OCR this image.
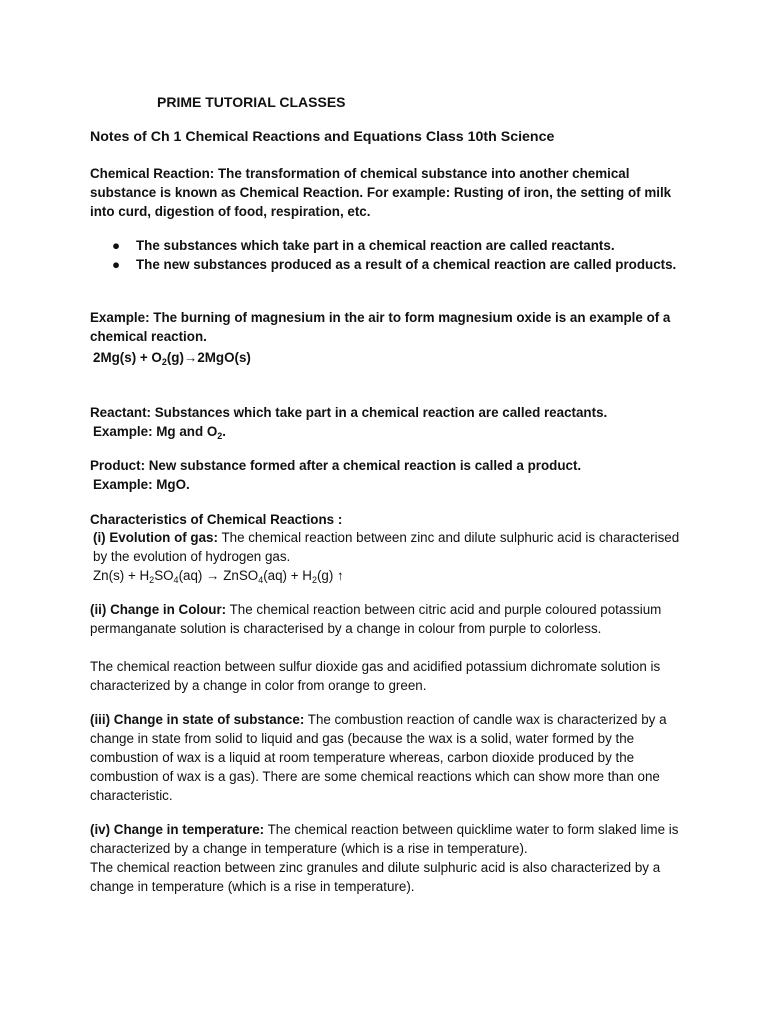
PRIME TUTORIAL CLASSES
Notes of Ch 1 Chemical Reactions and Equations Class 10th Science

Chemical Reaction: The transformation of chemical substance into another chemical substance is known as Chemical Reaction. For example: Rusting of iron, the setting of milk into curd, digestion of food, respiration, etc.

● The substances which take part in a chemical reaction are called reactants.
● The new substances produced as a result of a chemical reaction are called products.

Example: The burning of magnesium in the air to form magnesium oxide is an example of a chemical reaction.

$2Mg(s) + O_2(g)\to 2MgO(s)$

Reactant: Substances which take part in a chemical reaction are called reactants.

Example: Mg and $O_2$.

Product: New substance formed after a chemical reaction is called a product.

Example: MgO.

Characteristics of Chemical Reactions :

(i) Evolution of gas: The chemical reaction between zinc and dilute sulphuric acid is characterised by the evolution of hydrogen gas.

$Zn(s) + H_2SO_4(aq)$ → ZnSO$_4$(aq) + $H_2(g)$ ↑

(ii) Change in Colour: The chemical reaction between citric acid and purple coloured potassium permanganate solution is characterised by a change in colour from purple to colorless.

The chemical reaction between sulfur dioxide gas and acidified potassium dichromate solution is characterized by a change in color from orange to green.

(iii) Change in state of substance: The combustion reaction of candle wax is characterized by a change in state from solid to liquid and gas (because the wax is a solid, water formed by the combustion of wax is a liquid at room temperature whereas, carbon dioxide produced by the combustion of wax is a gas). There are some chemical reactions which can show more than one characteristic.

(iv) Change in temperature: The chemical reaction between quicklime water to form slaked lime is characterized by a change in temperature (which is a rise in temperature).

The chemical reaction between zinc granules and dilute sulphuric acid is also characterized by a change in temperature (which is a rise in temperature).
